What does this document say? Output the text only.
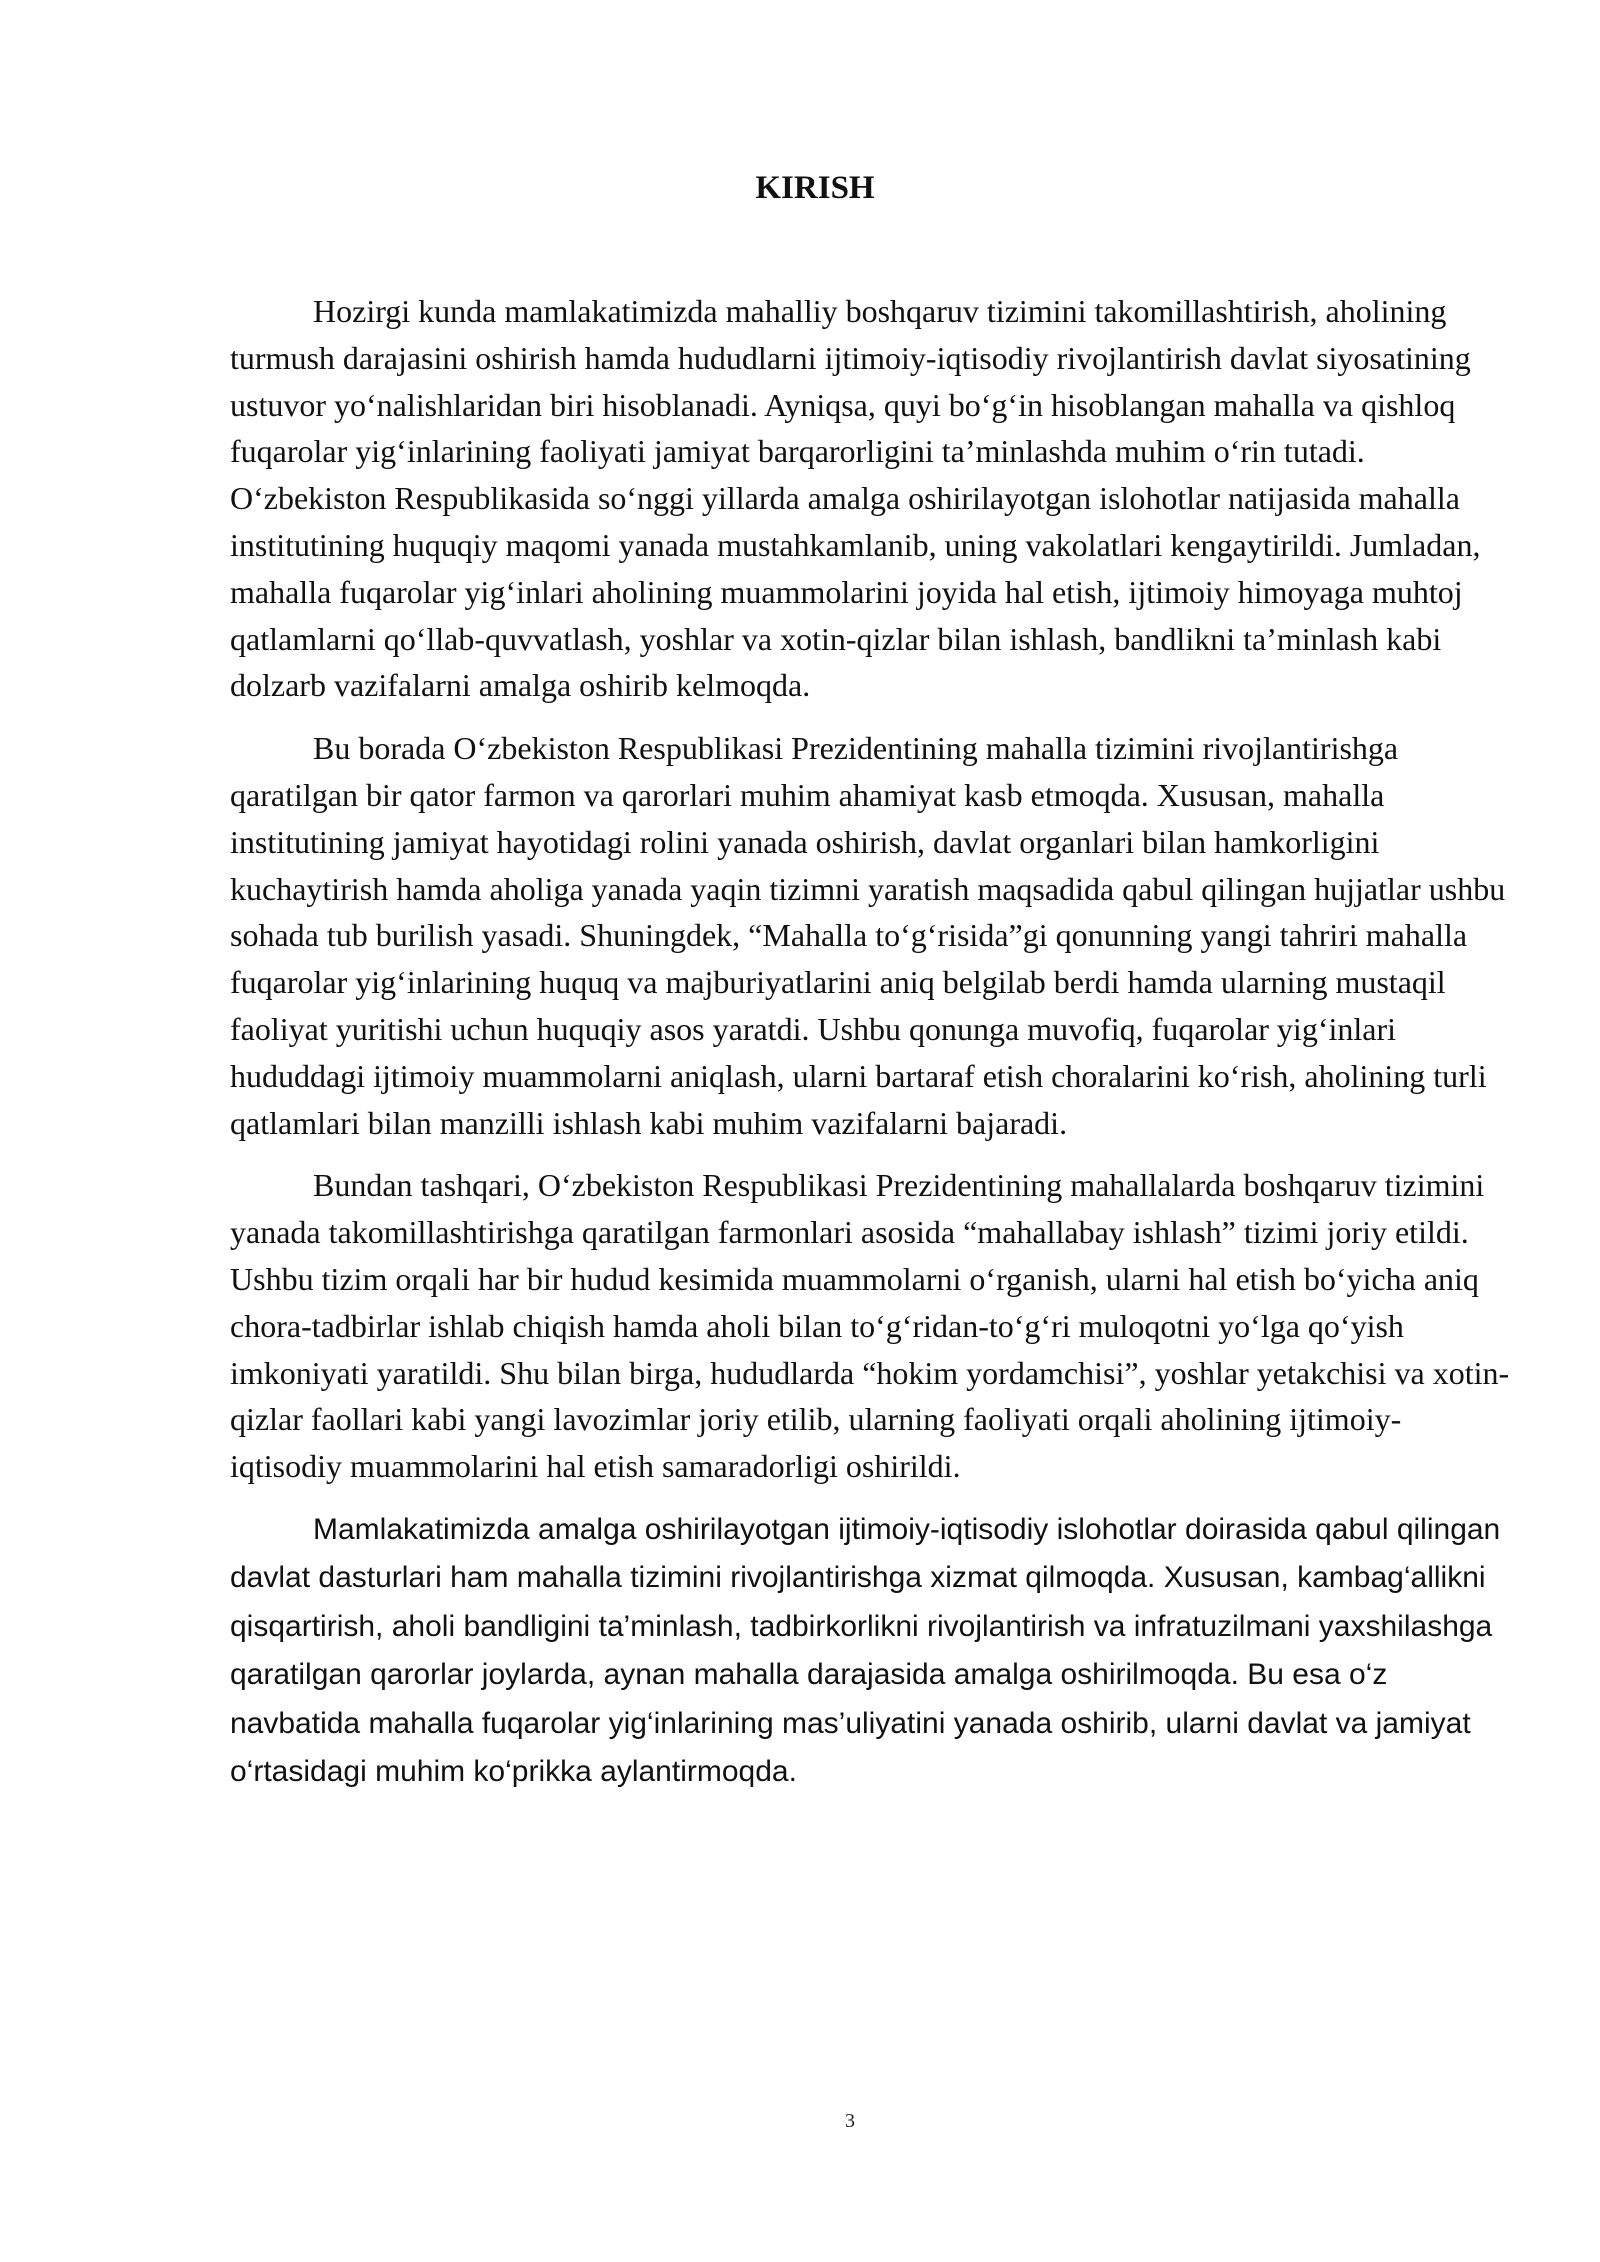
KIRISH

Hozirgi kunda mamlakatimizda mahalliy boshqaruv tizimini takomillashtirish, aholining turmush darajasini oshirish hamda hududlarni ijtimoiy-iqtisodiy rivojlantirish davlat siyosatining ustuvor yo‘nalishlaridan biri hisoblanadi. Ayniqsa, quyi bo‘g‘in hisoblangan mahalla va qishloq fuqarolar yig‘inlarining faoliyati jamiyat barqarorligini ta’minlashda muhim o‘rin tutadi. O‘zbekiston Respublikasida so‘nggi yillarda amalga oshirilayotgan islohotlar natijasida mahalla institutining huquqiy maqomi yanada mustahkamlanib, uning vakolatlari kengaytirildi. Jumladan, mahalla fuqarolar yig‘inlari aholining muammolarini joyida hal etish, ijtimoiy himoyaga muhtoj qatlamlarni qo‘llab-quvvatlash, yoshlar va xotin-qizlar bilan ishlash, bandlikni ta’minlash kabi dolzarb vazifalarni amalga oshirib kelmoqda.

Bu borada O‘zbekiston Respublikasi Prezidentining mahalla tizimini rivojlantirishga qaratilgan bir qator farmon va qarorlari muhim ahamiyat kasb etmoqda. Xususan, mahalla institutining jamiyat hayotidagi rolini yanada oshirish, davlat organlari bilan hamkorligini kuchaytirish hamda aholiga yanada yaqin tizimni yaratish maqsadida qabul qilingan hujjatlar ushbu sohada tub burilish yasadi. Shuningdek, “Mahalla to‘g‘risida”gi qonunning yangi tahriri mahalla fuqarolar yig‘inlarining huquq va majburiyatlarini aniq belgilab berdi hamda ularning mustaqil faoliyat yuritishi uchun huquqiy asos yaratdi. Ushbu qonunga muvofiq, fuqarolar yig‘inlari hududdagi ijtimoiy muammolarni aniqlash, ularni bartaraf etish choralarini ko‘rish, aholining turli qatlamlari bilan manzilli ishlash kabi muhim vazifalarni bajaradi.

Bundan tashqari, O‘zbekiston Respublikasi Prezidentining mahallalarda boshqaruv tizimini yanada takomillashtirishga qaratilgan farmonlari asosida “mahallabay ishlash” tizimi joriy etildi. Ushbu tizim orqali har bir hudud kesimida muammolarni o‘rganish, ularni hal etish bo‘yicha aniq chora-tadbirlar ishlab chiqish hamda aholi bilan to‘g‘ridan-to‘g‘ri muloqotni yo‘lga qo‘yish imkoniyati yaratildi. Shu bilan birga, hududlarda “hokim yordamchisi”, yoshlar yetakchisi va xotin-qizlar faollari kabi yangi lavozimlar joriy etilib, ularning faoliyati orqali aholining ijtimoiy- iqtisodiy muammolarini hal etish samaradorligi oshirildi.

Mamlakatimizda amalga oshirilayotgan ijtimoiy-iqtisodiy islohotlar doirasida qabul qilingan davlat dasturlari ham mahalla tizimini rivojlantirishga xizmat qilmoqda. Xususan, kambag‘allikni qisqartirish, aholi bandligini ta’minlash, tadbirkorlikni rivojlantirish va infratuzilmani yaxshilashga qaratilgan qarorlar joylarda, aynan mahalla darajasida amalga oshirilmoqda. Bu esa o‘z navbatida mahalla fuqarolar yig‘inlarining mas’uliyatini yanada oshirib, ularni davlat va jamiyat o‘rtasidagi muhim ko‘prikka aylantirmoqda.

3
